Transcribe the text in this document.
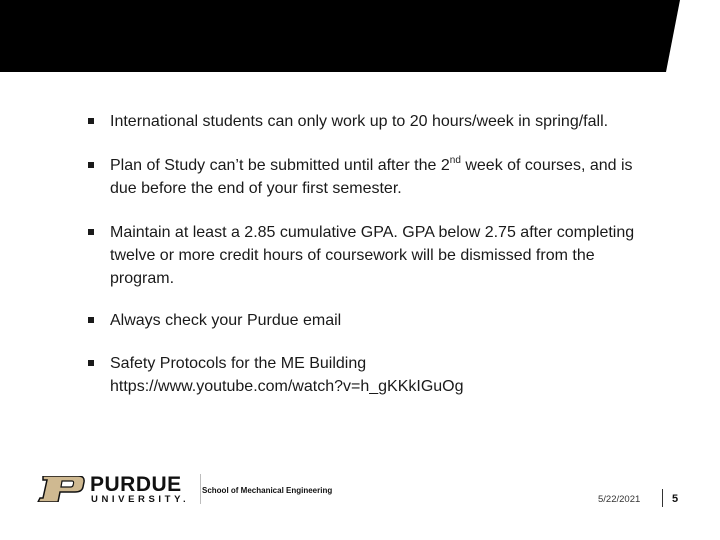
International students can only work up to 20 hours/week in spring/fall.
Plan of Study can’t be submitted until after the 2nd week of courses, and is due before the end of your first semester.
Maintain at least a 2.85 cumulative GPA. GPA below 2.75 after completing twelve or more credit hours of coursework will be dismissed from the program.
Always check your Purdue email
Safety Protocols for the ME Building
https://www.youtube.com/watch?v=h_gKKkIGuOg
PURDUE
UNIVERSITY.
School of Mechanical Engineering
5/22/2021	5
